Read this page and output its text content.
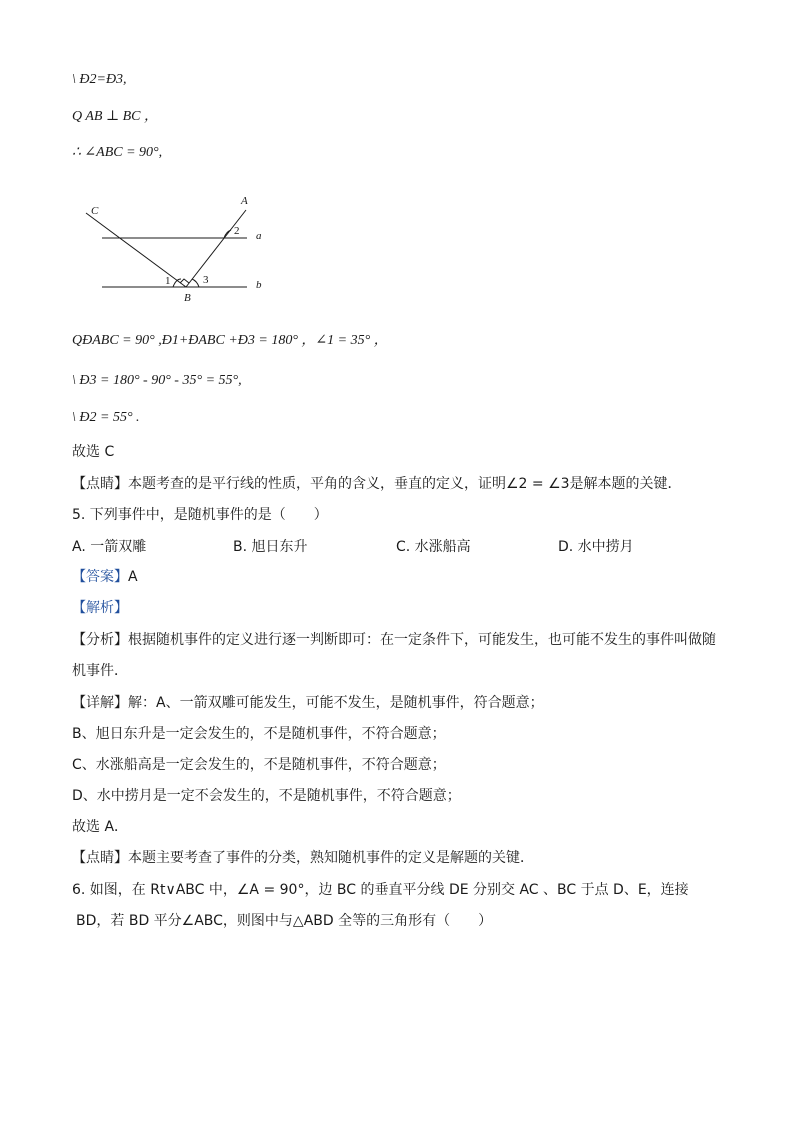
\ Ð2=Ð3,
Q AB ⊥ BC ，
∴ ∠ABC = 90°,
C
A
2 a
1	3
B
b
QÐABC = 90° ,Ð1+ÐABC +Ð3 = 180° ，∠1 = 35° ，
\ Ð3 = 180° - 90° - 35° = 55°,
\ Ð2 = 55° .
故选 C
【点睛】本题考查的是平行线的性质，平角的含义，垂直的定义，证明∠2 = ∠3是解本题的关键．
5. 下列事件中，是随机事件的是（　　）
A. 一箭双雕	B. 旭日东升	C. 水涨船高	D. 水中捞月
【答案】A
【解析】
【分析】根据随机事件的定义进行逐一判断即可：在一定条件下，可能发生，也可能不发生的事件叫做随
机事件．
【详解】解：A、一箭双雕可能发生，可能不发生，是随机事件，符合题意；
B、旭日东升是一定会发生的，不是随机事件，不符合题意；
C、水涨船高是一定会发生的，不是随机事件，不符合题意；
D、水中捞月是一定不会发生的，不是随机事件，不符合题意；
故选 A．
【点睛】本题主要考查了事件的分类，熟知随机事件的定义是解题的关键．
6. 如图，在 Rt∨ABC 中，∠A = 90°，边 BC 的垂直平分线 DE 分别交 AC 、BC 于点 D、E，连接
BD，若 BD 平分∠ABC，则图中与△ABD 全等的三角形有（　　）
